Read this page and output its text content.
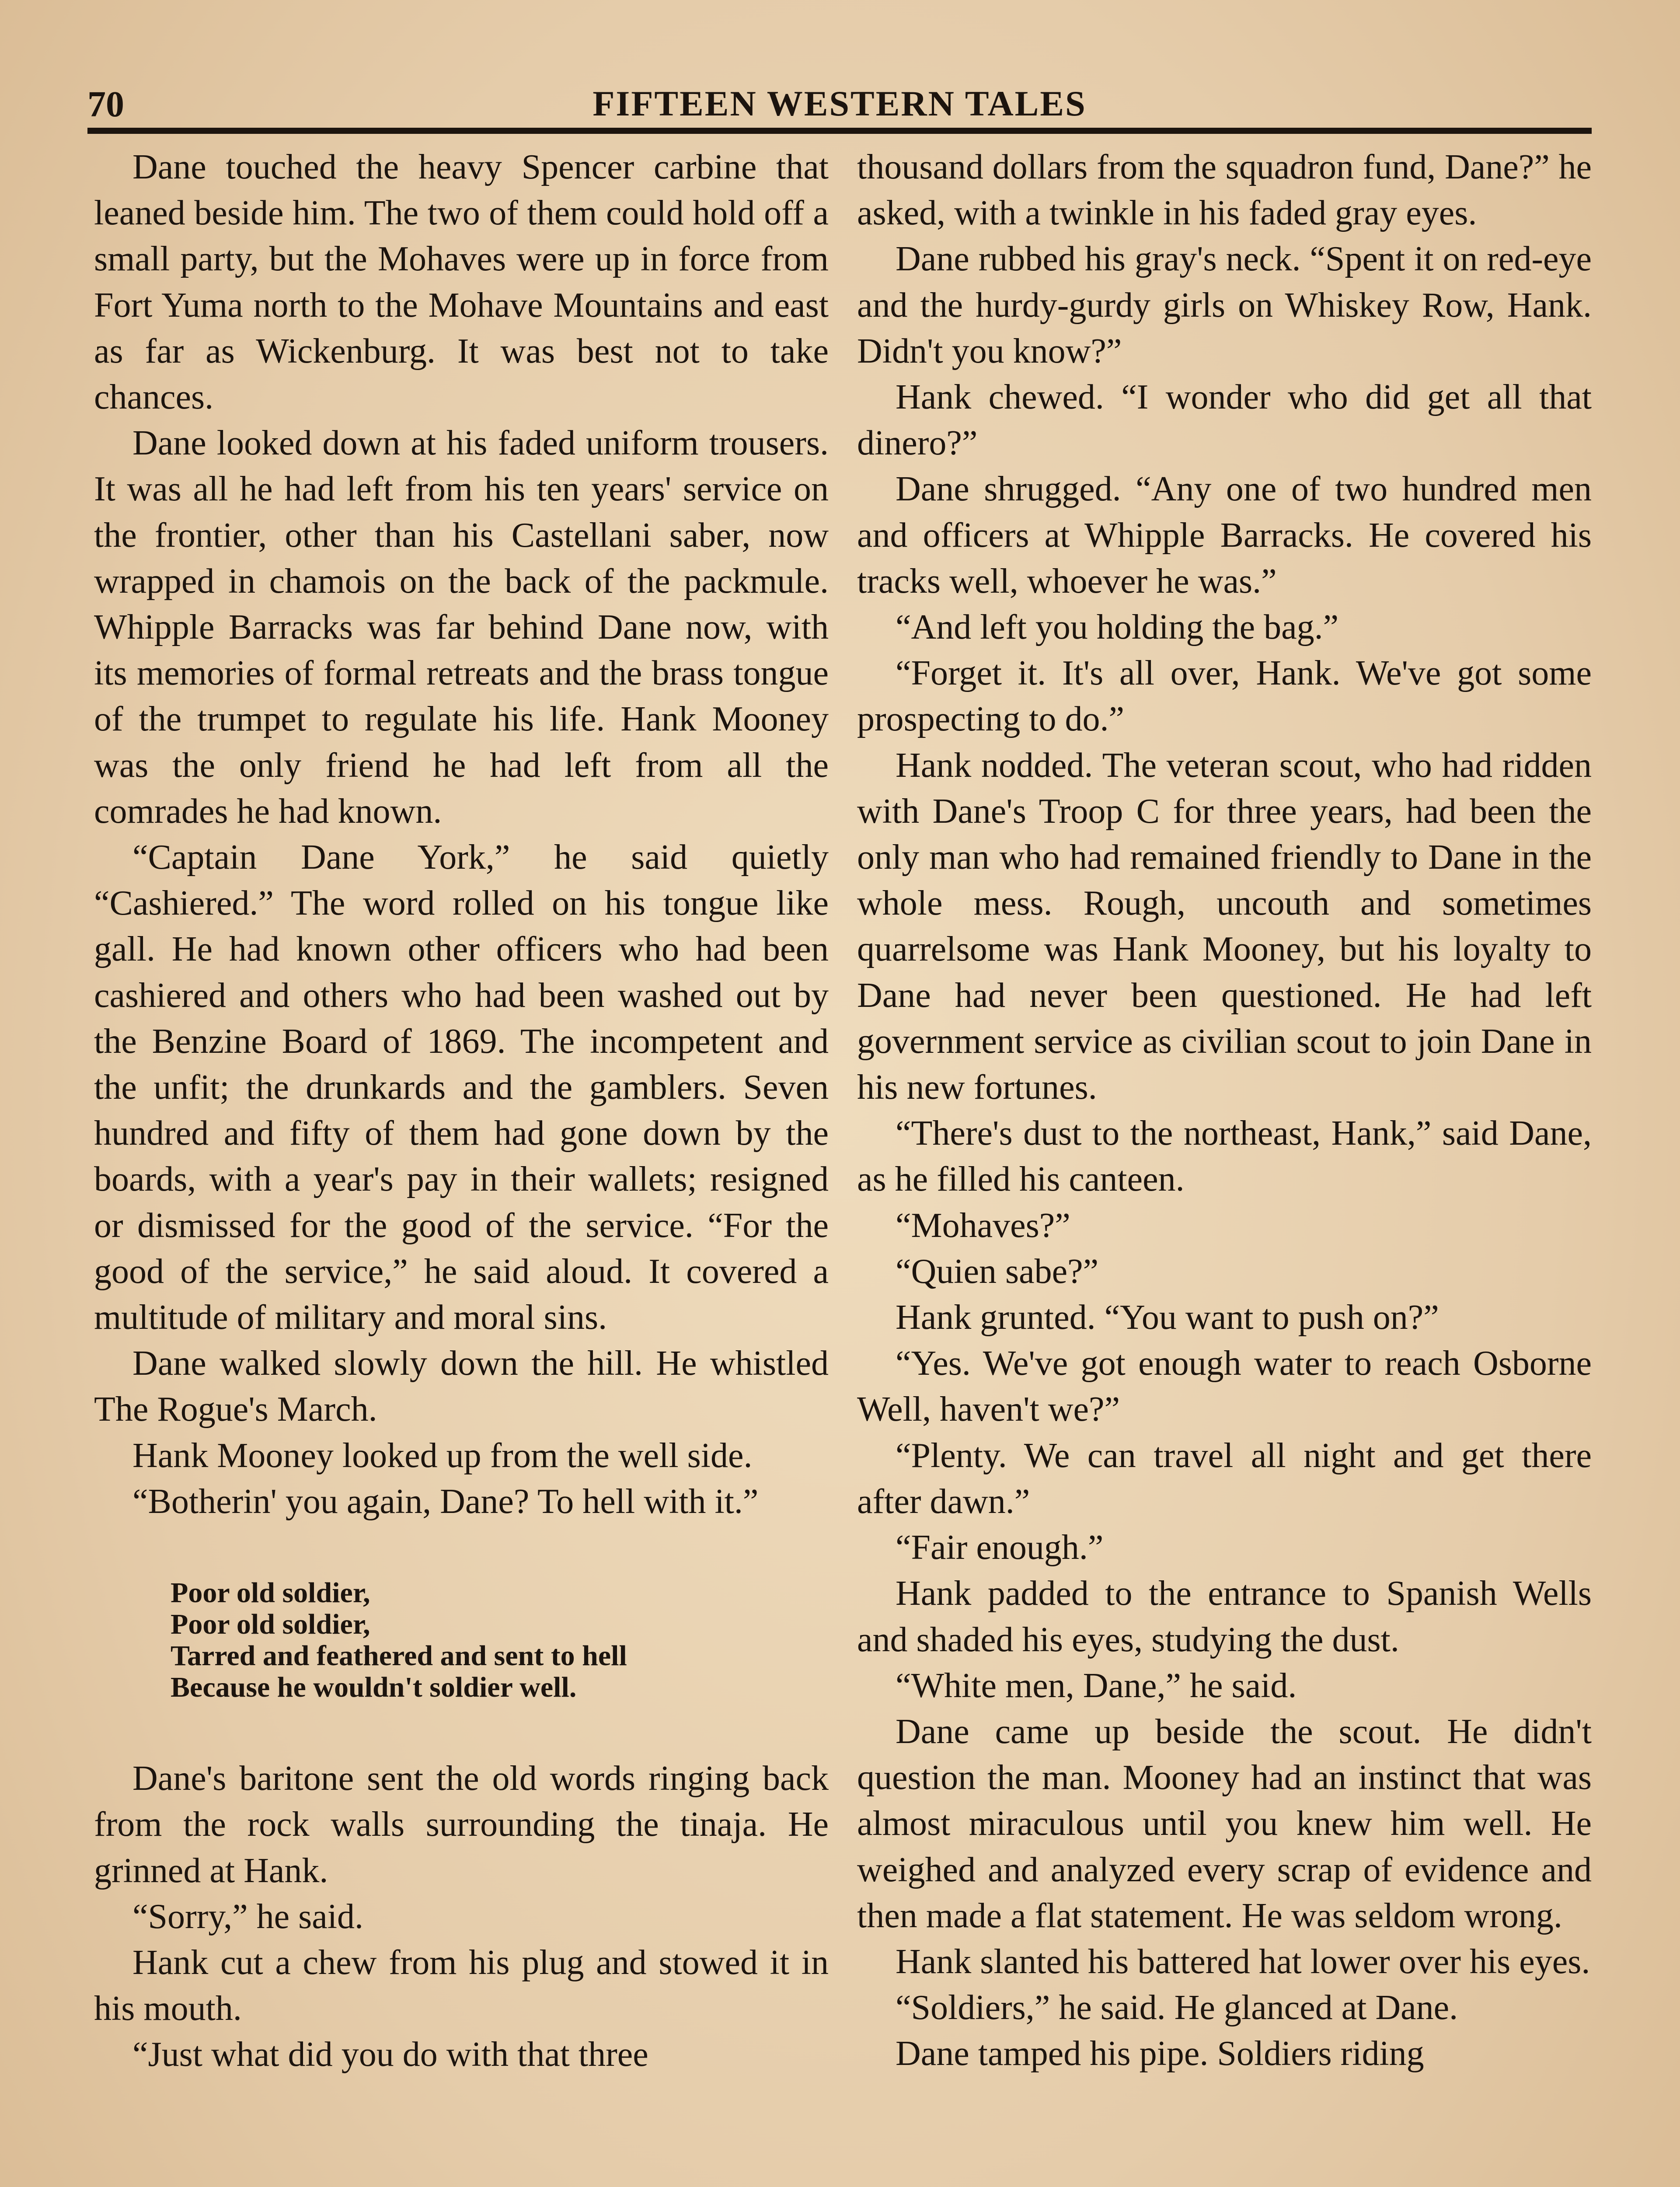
70	FIFTEEN WESTERN TALES

Dane touched the heavy Spencer carbine that leaned beside him. The two of them could hold off a small party, but the Mohaves were up in force from Fort Yuma north to the Mohave Mountains and east as far as Wickenburg. It was best not to take chances.

Dane looked down at his faded uniform trousers. It was all he had left from his ten years' service on the frontier, other than his Castellani saber, now wrapped in chamois on the back of the packmule. Whipple Barracks was far behind Dane now, with its memories of formal retreats and the brass tongue of the trumpet to regulate his life. Hank Mooney was the only friend he had left from all the comrades he had known.

“Captain Dane York,” he said quietly “Cashiered.” The word rolled on his tongue like gall. He had known other officers who had been cashiered and others who had been washed out by the Benzine Board of 1869. The incompetent and the unfit; the drunkards and the gamblers. Seven hundred and fifty of them had gone down by the boards, with a year's pay in their wallets; resigned or dismissed for the good of the service. “For the good of the service,” he said aloud. It covered a multitude of military and moral sins.

Dane walked slowly down the hill. He whistled The Rogue's March.

Hank Mooney looked up from the well side.

“Botherin' you again, Dane? To hell with it.”

Poor old soldier,
Poor old soldier,
Tarred and feathered and sent to hell
Because he wouldn't soldier well.

Dane's baritone sent the old words ringing back from the rock walls surrounding the tinaja. He grinned at Hank.

“Sorry,” he said.

Hank cut a chew from his plug and stowed it in his mouth.

“Just what did you do with that three

thousand dollars from the squadron fund, Dane?” he asked, with a twinkle in his faded gray eyes.

Dane rubbed his gray's neck. “Spent it on red-eye and the hurdy-gurdy girls on Whiskey Row, Hank. Didn't you know?”

Hank chewed. “I wonder who did get all that dinero?”

Dane shrugged. “Any one of two hundred men and officers at Whipple Barracks. He covered his tracks well, whoever he was.”

“And left you holding the bag.”

“Forget it. It's all over, Hank. We've got some prospecting to do.”

Hank nodded. The veteran scout, who had ridden with Dane's Troop C for three years, had been the only man who had remained friendly to Dane in the whole mess. Rough, uncouth and sometimes quarrelsome was Hank Mooney, but his loyalty to Dane had never been questioned. He had left government service as civilian scout to join Dane in his new fortunes.

“There's dust to the northeast, Hank,” said Dane, as he filled his canteen.

“Mohaves?”

“Quien sabe?”

Hank grunted. “You want to push on?”

“Yes. We've got enough water to reach Osborne Well, haven't we?”

“Plenty. We can travel all night and get there after dawn.”

“Fair enough.”

Hank padded to the entrance to Spanish Wells and shaded his eyes, studying the dust.

“White men, Dane,” he said.

Dane came up beside the scout. He didn't question the man. Mooney had an instinct that was almost miraculous until you knew him well. He weighed and analyzed every scrap of evidence and then made a flat statement. He was seldom wrong.

Hank slanted his battered hat lower over his eyes.

“Soldiers,” he said. He glanced at Dane.

Dane tamped his pipe. Soldiers riding
